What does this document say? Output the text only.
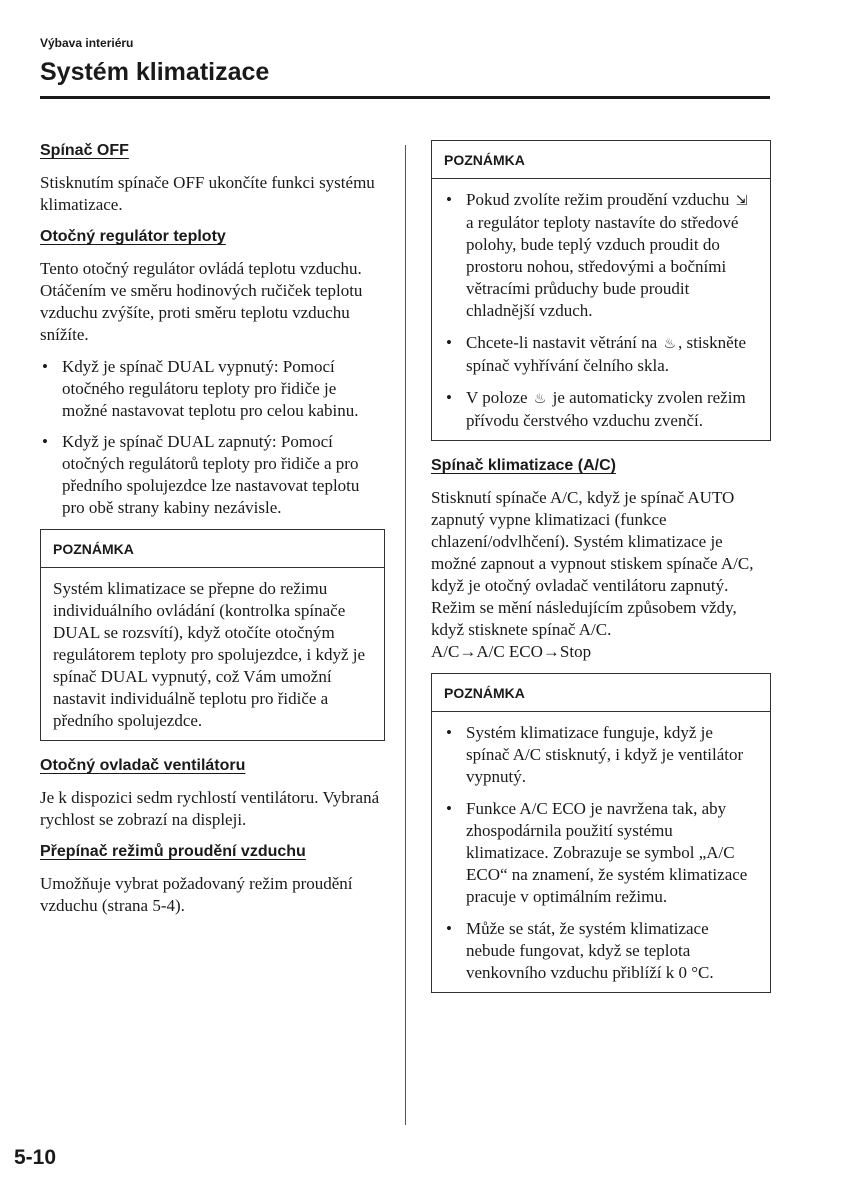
Výbava interiéru
Systém klimatizace
Spínač OFF

Stisknutím spínače OFF ukončíte funkci systému klimatizace.

Otočný regulátor teploty

Tento otočný regulátor ovládá teplotu vzduchu. Otáčením ve směru hodinových ručiček teplotu vzduchu zvýšíte, proti směru teplotu vzduchu snížíte.

• Když je spínač DUAL vypnutý: Pomocí otočného regulátoru teploty pro řidiče je možné nastavovat teplotu pro celou kabinu.
• Když je spínač DUAL zapnutý: Pomocí otočných regulátorů teploty pro řidiče a pro předního spolujezdce lze nastavovat teplotu pro obě strany kabiny nezávisle.
POZNÁMKA

Systém klimatizace se přepne do režimu individuálního ovládání (kontrolka spínače DUAL se rozsvítí), když otočíte otočným regulátorem teploty pro spolujezdce, i když je spínač DUAL vypnutý, což Vám umožní nastavit individuálně teplotu pro řidiče a předního spolujezdce.

Otočný ovladač ventilátoru

Je k dispozici sedm rychlostí ventilátoru. Vybraná rychlost se zobrazí na displeji.

Přepínač režimů proudění vzduchu

Umožňuje vybrat požadovaný režim proudění vzduchu (strana 5-4).

POZNÁMKA
• Pokud zvolíte režim proudění vzduchu ⇲ a regulátor teploty nastavíte do středové polohy, bude teplý vzduch proudit do prostoru nohou, středovými a bočními větracími průduchy bude proudit chladnější vzduch.
• Chcete-li nastavit větrání na ♨ , stiskněte spínač vyhřívání čelního skla.
• V poloze ♨ je automaticky zvolen režim přívodu čerstvého vzduchu zvenčí.
Spínač klimatizace (A/C)

Stisknutí spínače A/C, když je spínač AUTO zapnutý vypne klimatizaci (funkce chlazení/odvlhčení). Systém klimatizace je možné zapnout a vypnout stiskem spínače A/C, když je otočný ovladač ventilátoru zapnutý. Režim se mění následujícím způsobem vždy, když stisknete spínač A/C.

A/C→A/C ECO→Stop

POZNÁMKA
• Systém klimatizace funguje, když je spínač A/C stisknutý, i když je ventilátor vypnutý.
• Funkce A/C ECO je navržena tak, aby zhospodárnila použití systému klimatizace. Zobrazuje se symbol „A/C ECO“ na znamení, že systém klimatizace pracuje v optimálním režimu.
• Může se stát, že systém klimatizace nebude fungovat, když se teplota venkovního vzduchu přiblíží k 0 °C.
5-10
